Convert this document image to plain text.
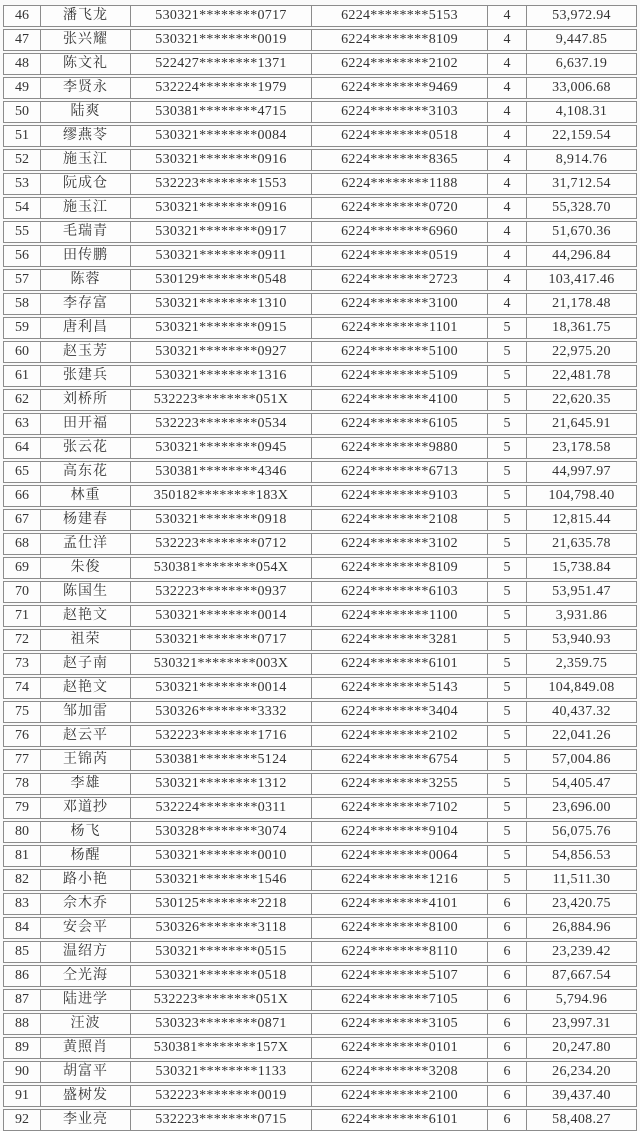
46	潘飞龙	530321********0717	6224********5153	4	53,972.94
47	张兴耀	530321********0019	6224********8109	4	9,447.85
48	陈文礼	522427********1371	6224********2102	4	6,637.19
49	李贤永	532224********1979	6224********9469	4	33,006.68
50	陆爽	530381********4715	6224********3103	4	4,108.31
51	缪燕苓	530321********0084	6224********0518	4	22,159.54
52	施玉江	530321********0916	6224********8365	4	8,914.76
53	阮成仓	532223********1553	6224********1188	4	31,712.54
54	施玉江	530321********0916	6224********0720	4	55,328.70
55	毛瑞青	530321********0917	6224********6960	4	51,670.36
56	田传鹏	530321********0911	6224********0519	4	44,296.84
57	陈蓉	530129********0548	6224********2723	4	103,417.46
58	李存富	530321********1310	6224********3100	4	21,178.48
59	唐利昌	530321********0915	6224********1101	5	18,361.75
60	赵玉芳	530321********0927	6224********5100	5	22,975.20
61	张建兵	530321********1316	6224********5109	5	22,481.78
62	刘桥所	532223********051X	6224********4100	5	22,620.35
63	田开福	532223********0534	6224********6105	5	21,645.91
64	张云花	530321********0945	6224********9880	5	23,178.58
65	高东花	530381********4346	6224********6713	5	44,997.97
66	林重	350182********183X	6224********9103	5	104,798.40
67	杨建春	530321********0918	6224********2108	5	12,815.44
68	孟仕洋	532223********0712	6224********3102	5	21,635.78
69	朱俊	530381********054X	6224********8109	5	15,738.84
70	陈国生	532223********0937	6224********6103	5	53,951.47
71	赵艳文	530321********0014	6224********1100	5	3,931.86
72	祖荣	530321********0717	6224********3281	5	53,940.93
73	赵子南	530321********003X	6224********6101	5	2,359.75
74	赵艳文	530321********0014	6224********5143	5	104,849.08
75	邹加雷	530326********3332	6224********3404	5	40,437.32
76	赵云平	532223********1716	6224********2102	5	22,041.26
77	王锦芮	530381********5124	6224********6754	5	57,004.86
78	李雄	530321********1312	6224********3255	5	54,405.47
79	邓道抄	532224********0311	6224********7102	5	23,696.00
80	杨飞	530328********3074	6224********9104	5	56,075.76
81	杨醒	530321********0010	6224********0064	5	54,856.53
82	路小艳	530321********1546	6224********1216	5	11,511.30
83	佘木乔	530125********2218	6224********4101	6	23,420.75
84	安会平	530326********3118	6224********8100	6	26,884.96
85	温绍方	530321********0515	6224********8110	6	23,239.42
86	仝光海	530321********0518	6224********5107	6	87,667.54
87	陆进学	532223********051X	6224********7105	6	5,794.96
88	汪波	530323********0871	6224********3105	6	23,997.31
89	黄照肖	530381********157X	6224********0101	6	20,247.80
90	胡富平	530321********1133	6224********3208	6	26,234.20
91	盛树发	532223********0019	6224********2100	6	39,437.40
92	李业亮	532223********0715	6224********6101	6	58,408.27
